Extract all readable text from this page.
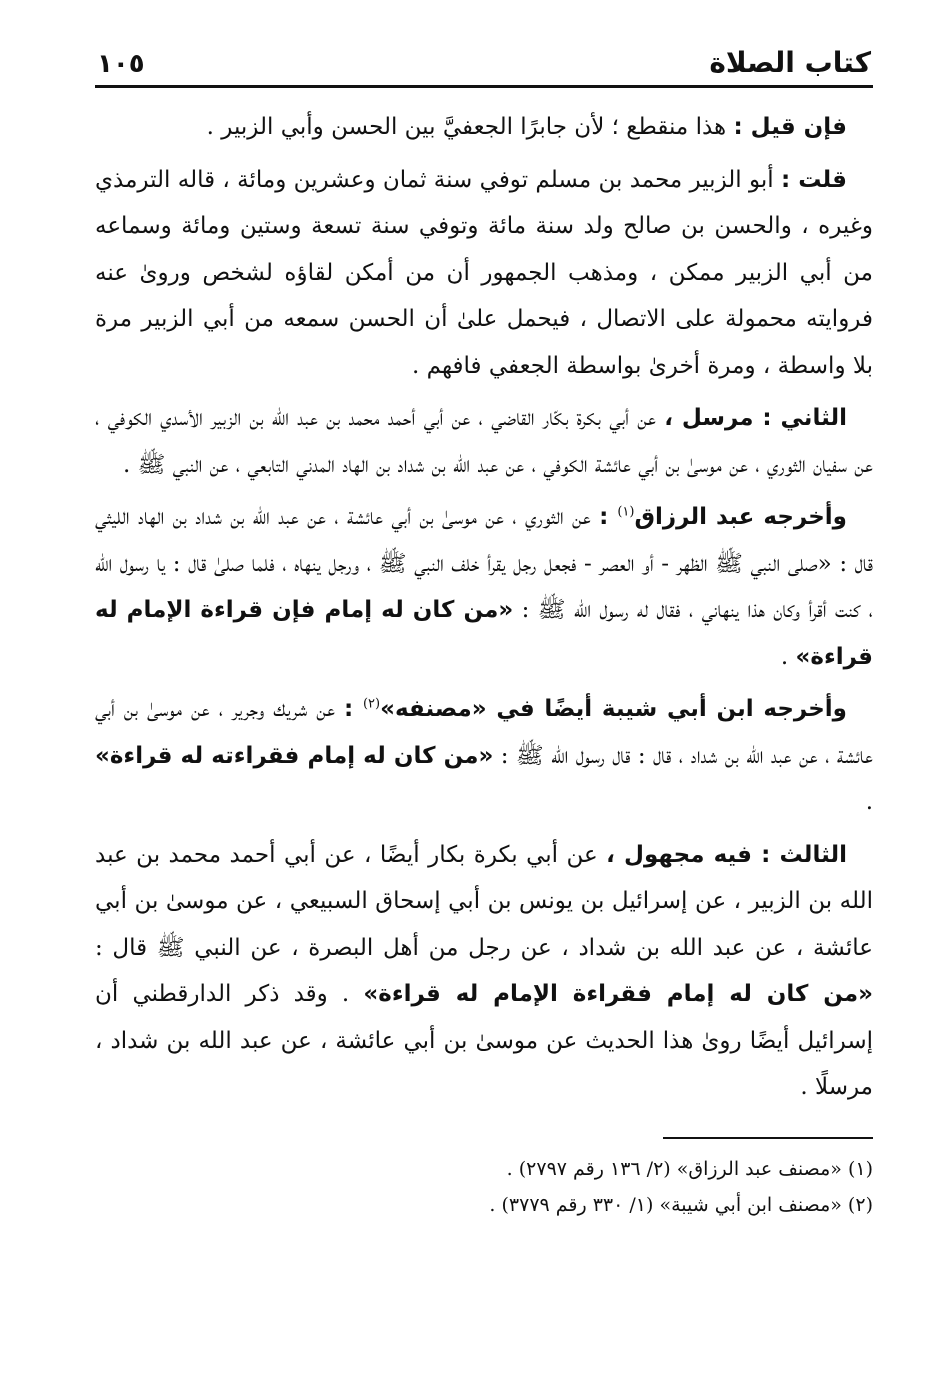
كتاب الصلاة
١٠٥

فإن قيل : هذا منقطع ؛ لأن جابرًا الجعفيَّ بين الحسن وأبي الزبير .

قلت : أبو الزبير محمد بن مسلم توفي سنة ثمان وعشرين ومائة ، قاله الترمذي وغيره ، والحسن بن صالح ولد سنة مائة وتوفي سنة تسعة وستين ومائة وسماعه من أبي الزبير ممكن ، ومذهب الجمهور أن من أمكن لقاؤه لشخص وروىٰ عنه فروايته محمولة على الاتصال ، فيحمل علىٰ أن الحسن سمعه من أبي الزبير مرة بلا واسطة ، ومرة أخرىٰ بواسطة الجعفي فافهم .

الثاني : مرسل ، عن أبي بكرة بكّار القاضي ، عن أبي أحمد محمد بن عبد الله بن الزبير الأسدي الكوفي ، عن سفيان الثوري ، عن موسىٰ بن أبي عائشة الكوفي ، عن عبد الله بن شداد بن الهاد المدني التابعي ، عن النبي ﷺ .

وأخرجه عبد الرزاق$^{(١)}$ : عن الثوري ، عن موسىٰ بن أبي عائشة ، عن عبد الله بن شداد بن الهاد الليثي قال : «صلى النبي ﷺ الظهر - أو العصر - فجعل رجل يقرأ خلف النبي ﷺ ، ورجل ينهاه ، فلما صلىٰ قال : يا رسول الله ، كنت أقرأ وكان هذا ينهاني ، فقال له رسول الله ﷺ : «من كان له إمام فإن قراءة الإمام له قراءة» .

وأخرجه ابن أبي شيبة أيضًا في «مصنفه»$^{(٢)}$ : عن شريك وجرير ، عن موسىٰ بن أبي عائشة ، عن عبد الله بن شداد ، قال : قال رسول الله ﷺ : «من كان له إمام فقراءته له قراءة» .

الثالث : فيه مجهول ، عن أبي بكرة بكار أيضًا ، عن أبي أحمد محمد بن عبد الله بن الزبير ، عن إسرائيل بن يونس بن أبي إسحاق السبيعي ، عن موسىٰ بن أبي عائشة ، عن عبد الله بن شداد ، عن رجل من أهل البصرة ، عن النبي ﷺ قال : «من كان له إمام فقراءة الإمام له قراءة» . وقد ذكر الدارقطني أن إسرائيل أيضًا روىٰ هذا الحديث عن موسىٰ بن أبي عائشة ، عن عبد الله بن شداد ، مرسلًا .

(١) «مصنف عبد الرزاق» (٢/ ١٣٦ رقم ٢٧٩٧) .

(٢) «مصنف ابن أبي شيبة» (١/ ٣٣٠ رقم ٣٧٧٩) .
